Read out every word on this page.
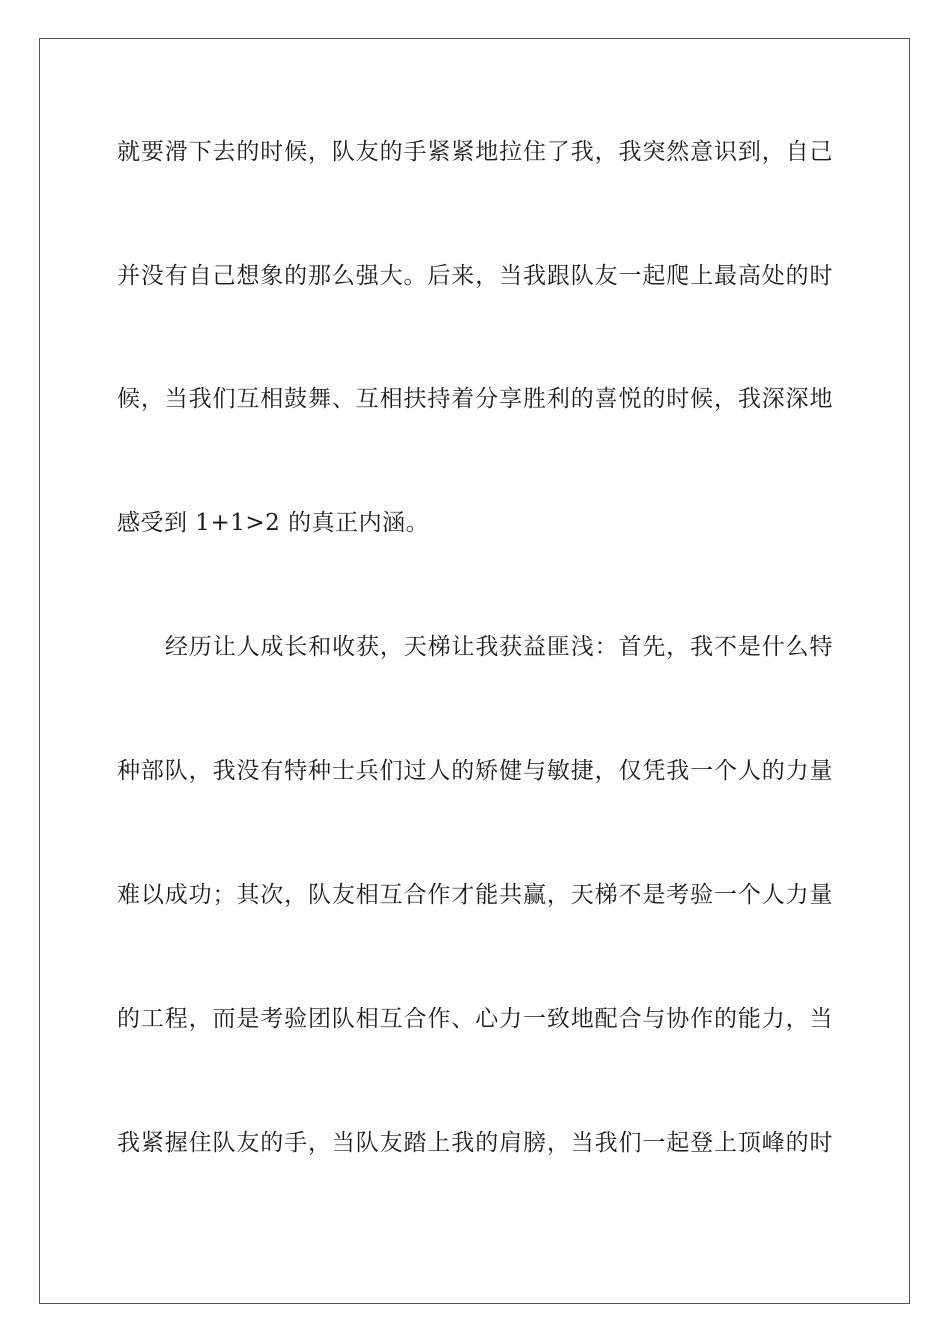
就要滑下去的时候，队友的手紧紧地拉住了我，我突然意识到，自己
并没有自己想象的那么强大。后来，当我跟队友一起爬上最高处的时
候，当我们互相鼓舞、互相扶持着分享胜利的喜悦的时候，我深深地
感受到 1+1>2 的真正内涵。
经历让人成长和收获，天梯让我获益匪浅：首先，我不是什么特
种部队，我没有特种士兵们过人的矫健与敏捷，仅凭我一个人的力量
难以成功；其次，队友相互合作才能共赢，天梯不是考验一个人力量
的工程，而是考验团队相互合作、心力一致地配合与协作的能力，当
我紧握住队友的手，当队友踏上我的肩膀，当我们一起登上顶峰的时
